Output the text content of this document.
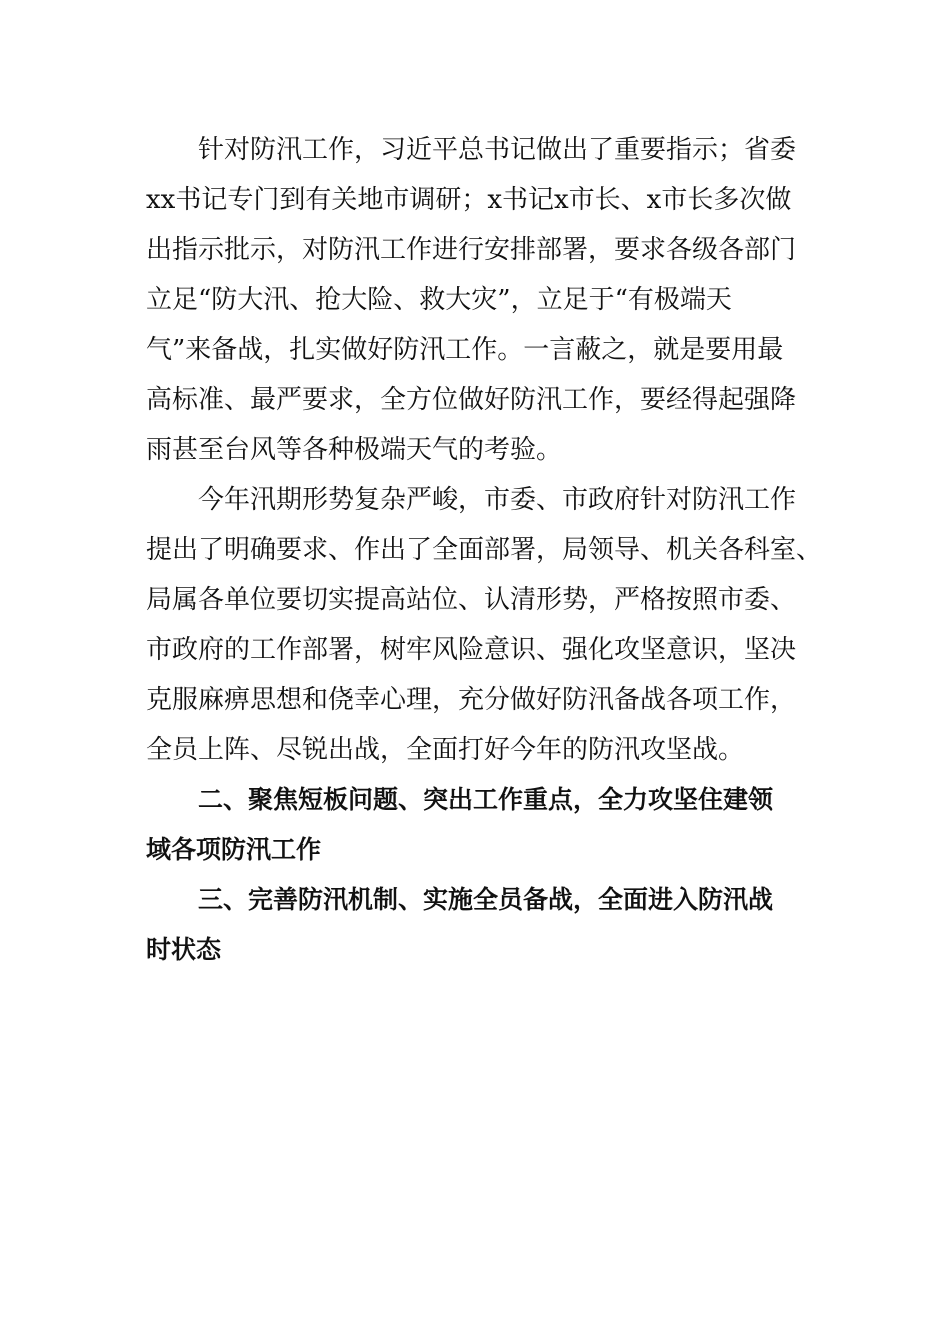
针对防汛工作，习近平总书记做出了重要指示；省委
xx书记专门到有关地市调研；x书记x市长、x市长多次做
出指示批示，对防汛工作进行安排部署，要求各级各部门
立足“防大汛、抢大险、救大灾”，立足于“有极端天
气”来备战，扎实做好防汛工作。一言蔽之，就是要用最
高标准、最严要求，全方位做好防汛工作，要经得起强降
雨甚至台风等各种极端天气的考验。
今年汛期形势复杂严峻，市委、市政府针对防汛工作
提出了明确要求、作出了全面部署，局领导、机关各科室、
局属各单位要切实提高站位、认清形势，严格按照市委、
市政府的工作部署，树牢风险意识、强化攻坚意识，坚决
克服麻痹思想和侥幸心理，充分做好防汛备战各项工作，
全员上阵、尽锐出战，全面打好今年的防汛攻坚战。
二、聚焦短板问题、突出工作重点，全力攻坚住建领
域各项防汛工作
三、完善防汛机制、实施全员备战，全面进入防汛战
时状态
